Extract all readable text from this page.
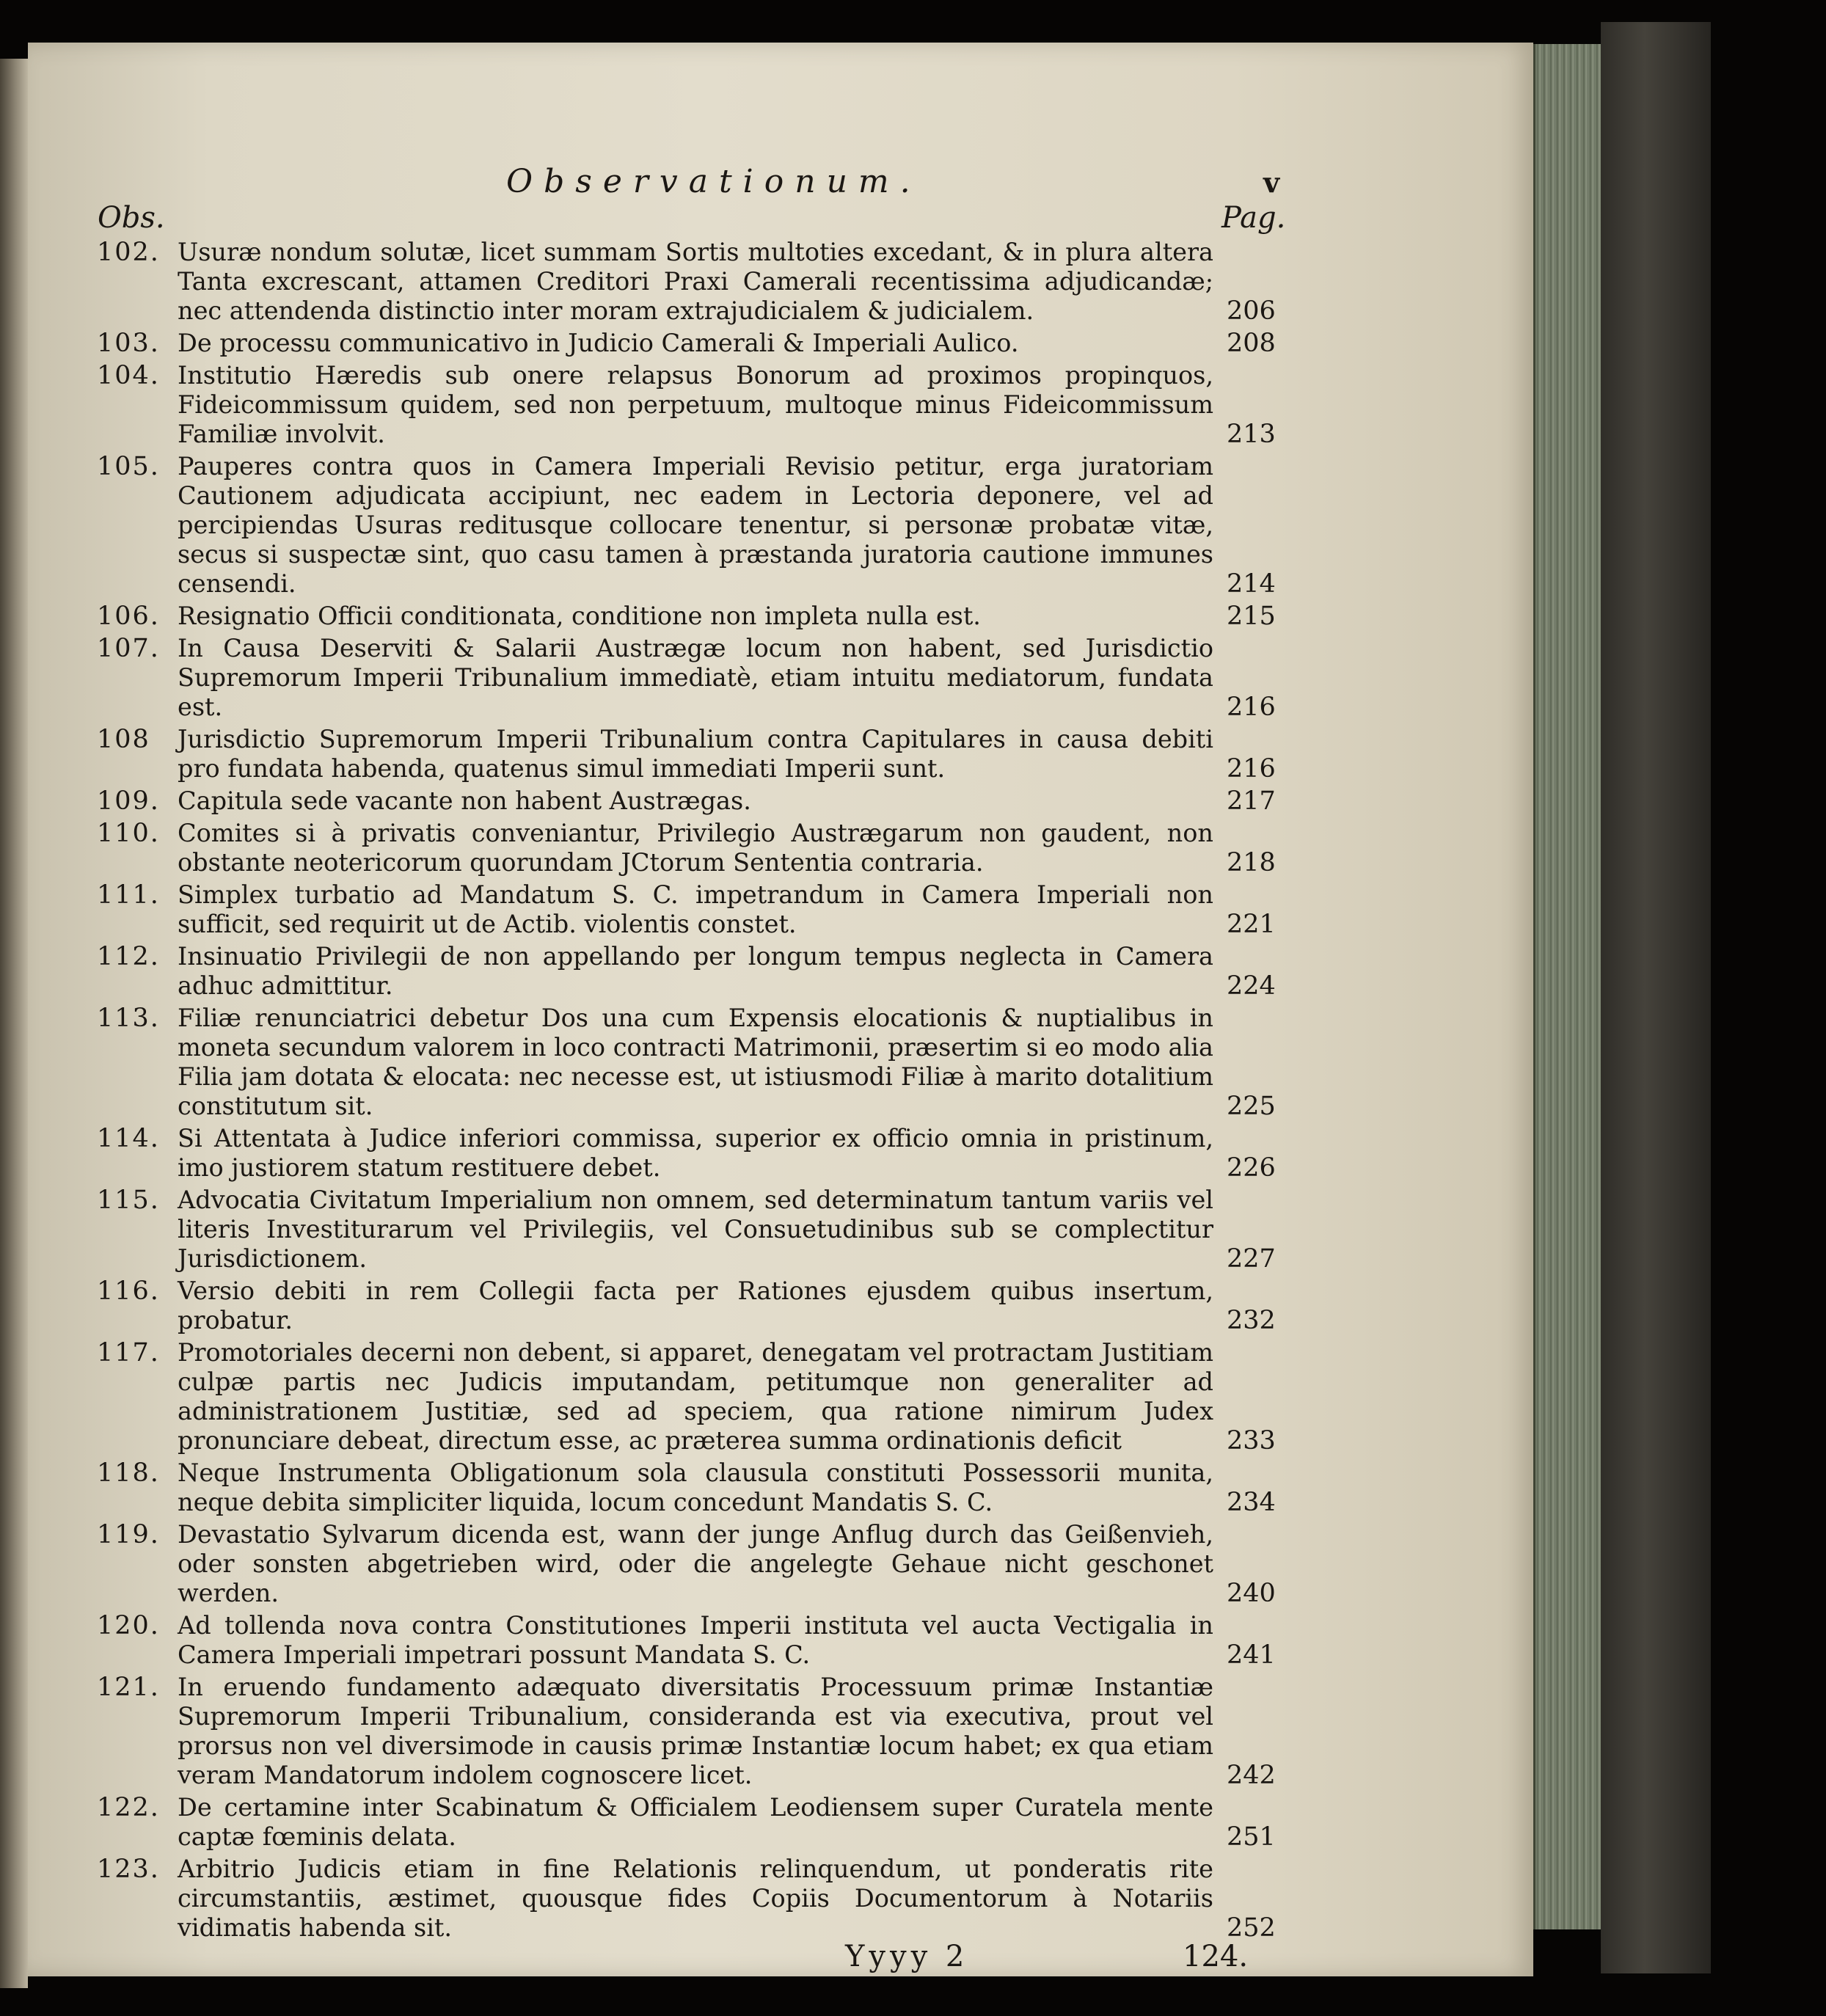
Observationum.	v
Obs.	Pag.
102. Usuræ nondum solutæ, licet summam Sortis multoties excedant, & in plura altera Tanta excrescant, attamen Creditori Praxi Camerali recentissima adjudicandæ; nec attendenda distinctio inter moram extrajudicialem & judicialem.	206
103. De processu communicativo in Judicio Camerali & Imperiali Aulico.	208
104. Institutio Hæredis sub onere relapsus Bonorum ad proximos propinquos, Fideicommissum quidem, sed non perpetuum, multoque minus Fideicommissum Familiæ involvit.	213
105. Pauperes contra quos in Camera Imperiali Revisio petitur, erga juratoriam Cautionem adjudicata accipiunt, nec eadem in Lectoria deponere, vel ad percipiendas Usuras reditusque collocare tenentur, si personæ probatæ vitæ, secus si suspectæ sint, quo casu tamen à præstanda juratoria cautione immunes censendi.	214
106. Resignatio Officii conditionata, conditione non impleta nulla est.	215
107. In Causa Deserviti & Salarii Austrægæ locum non habent, sed Jurisdictio Supremorum Imperii Tribunalium immediatè, etiam intuitu mediatorum, fundata est.	216
108 Jurisdictio Supremorum Imperii Tribunalium contra Capitulares in causa debiti pro fundata habenda, quatenus simul immediati Imperii sunt.	216
109. Capitula sede vacante non habent Austrægas.	217
110. Comites si à privatis conveniantur, Privilegio Austrægarum non gaudent, non obstante neotericorum quorundam JCtorum Sententia contraria.	218
111. Simplex turbatio ad Mandatum S. C. impetrandum in Camera Imperiali non sufficit, sed requirit ut de Actib. violentis constet.	221
112. Insinuatio Privilegii de non appellando per longum tempus neglecta in Camera adhuc admittitur.	224
113. Filiæ renunciatrici debetur Dos una cum Expensis elocationis & nuptialibus in moneta secundum valorem in loco contracti Matrimonii, præsertim si eo modo alia Filia jam dotata & elocata: nec necesse est, ut istiusmodi Filiæ à marito dotalitium constitutum sit.	225
114. Si Attentata à Judice inferiori commissa, superior ex officio omnia in pristinum, imo justiorem statum restituere debet.	226
115. Advocatia Civitatum Imperialium non omnem, sed determinatum tantum variis vel literis Investiturarum vel Privilegiis, vel Consuetudinibus sub se complectitur Jurisdictionem.	227
116. Versio debiti in rem Collegii facta per Rationes ejusdem quibus insertum, probatur.	232
117. Promotoriales decerni non debent, si apparet, denegatam vel protractam Justitiam culpæ partis nec Judicis imputandam, petitumque non generaliter ad administrationem Justitiæ, sed ad speciem, qua ratione nimirum Judex pronunciare debeat, directum esse, ac præterea summa ordinationis deficit	233
118. Neque Instrumenta Obligationum sola clausula constituti Possessorii munita, neque debita simpliciter liquida, locum concedunt Mandatis S. C.	234
119. Devastatio Sylvarum dicenda est, wann der junge Anflug durch das Geißenvieh, oder sonsten abgetrieben wird, oder die angelegte Gehaue nicht geschonet werden.	240
120. Ad tollenda nova contra Constitutiones Imperii instituta vel aucta Vectigalia in Camera Imperiali impetrari possunt Mandata S. C.	241
121. In eruendo fundamento adæquato diversitatis Processuum primæ Instantiæ Supremorum Imperii Tribunalium, consideranda est via executiva, prout vel prorsus non vel diversimode in causis primæ Instantiæ locum habet; ex qua etiam veram Mandatorum indolem cognoscere licet.	242
122. De certamine inter Scabinatum & Officialem Leodiensem super Curatela mente captæ fœminis delata.	251
123. Arbitrio Judicis etiam in fine Relationis relinquendum, ut ponderatis rite circumstantiis, æstimet, quousque fides Copiis Documentorum à Notariis vidimatis habenda sit.	252
Yyyy 2	124.
